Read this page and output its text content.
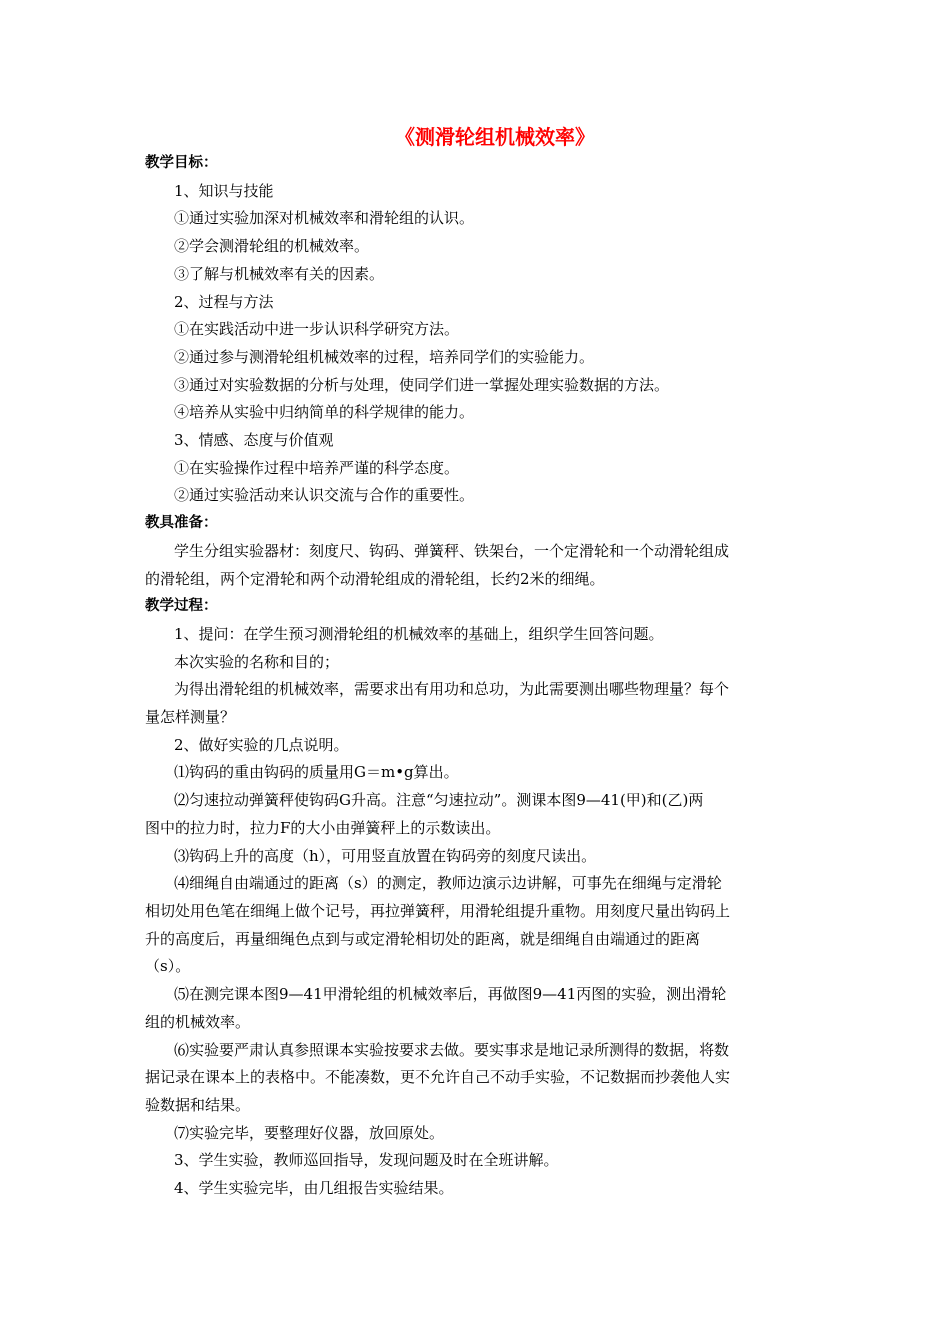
《测滑轮组机械效率》
教学目标：
1、知识与技能
①通过实验加深对机械效率和滑轮组的认识。
②学会测滑轮组的机械效率。
③了解与机械效率有关的因素。
2、过程与方法
①在实践活动中进一步认识科学研究方法。
②通过参与测滑轮组机械效率的过程，培养同学们的实验能力。
③通过对实验数据的分析与处理，使同学们进一掌握处理实验数据的方法。
④培养从实验中归纳简单的科学规律的能力。
3、情感、态度与价值观
①在实验操作过程中培养严谨的科学态度。
②通过实验活动来认识交流与合作的重要性。
教具准备：
学生分组实验器材：刻度尺、钩码、弹簧秤、铁架台，一个定滑轮和一个动滑轮组成
的滑轮组，两个定滑轮和两个动滑轮组成的滑轮组，长约2米的细绳。
教学过程：
1、提问：在学生预习测滑轮组的机械效率的基础上，组织学生回答问题。
本次实验的名称和目的；
为得出滑轮组的机械效率，需要求出有用功和总功，为此需要测出哪些物理量？每个
量怎样测量？
2、做好实验的几点说明。
⑴钩码的重由钩码的质量用G＝m•g算出。
⑵匀速拉动弹簧秤使钩码G升高。注意“匀速拉动”。测课本图9—41(甲)和(乙)两
图中的拉力时，拉力F的大小由弹簧秤上的示数读出。
⑶钩码上升的高度（h），可用竖直放置在钩码旁的刻度尺读出。
⑷细绳自由端通过的距离（s）的测定，教师边演示边讲解，可事先在细绳与定滑轮
相切处用色笔在细绳上做个记号，再拉弹簧秤，用滑轮组提升重物。用刻度尺量出钩码上
升的高度后，再量细绳色点到与或定滑轮相切处的距离，就是细绳自由端通过的距离
（s）。
⑸在测完课本图9—41甲滑轮组的机械效率后，再做图9—41丙图的实验，测出滑轮
组的机械效率。
⑹实验要严肃认真参照课本实验按要求去做。要实事求是地记录所测得的数据，将数
据记录在课本上的表格中。不能凑数，更不允许自己不动手实验，不记数据而抄袭他人实
验数据和结果。
⑺实验完毕，要整理好仪器，放回原处。
3、学生实验，教师巡回指导，发现问题及时在全班讲解。
4、学生实验完毕，由几组报告实验结果。
